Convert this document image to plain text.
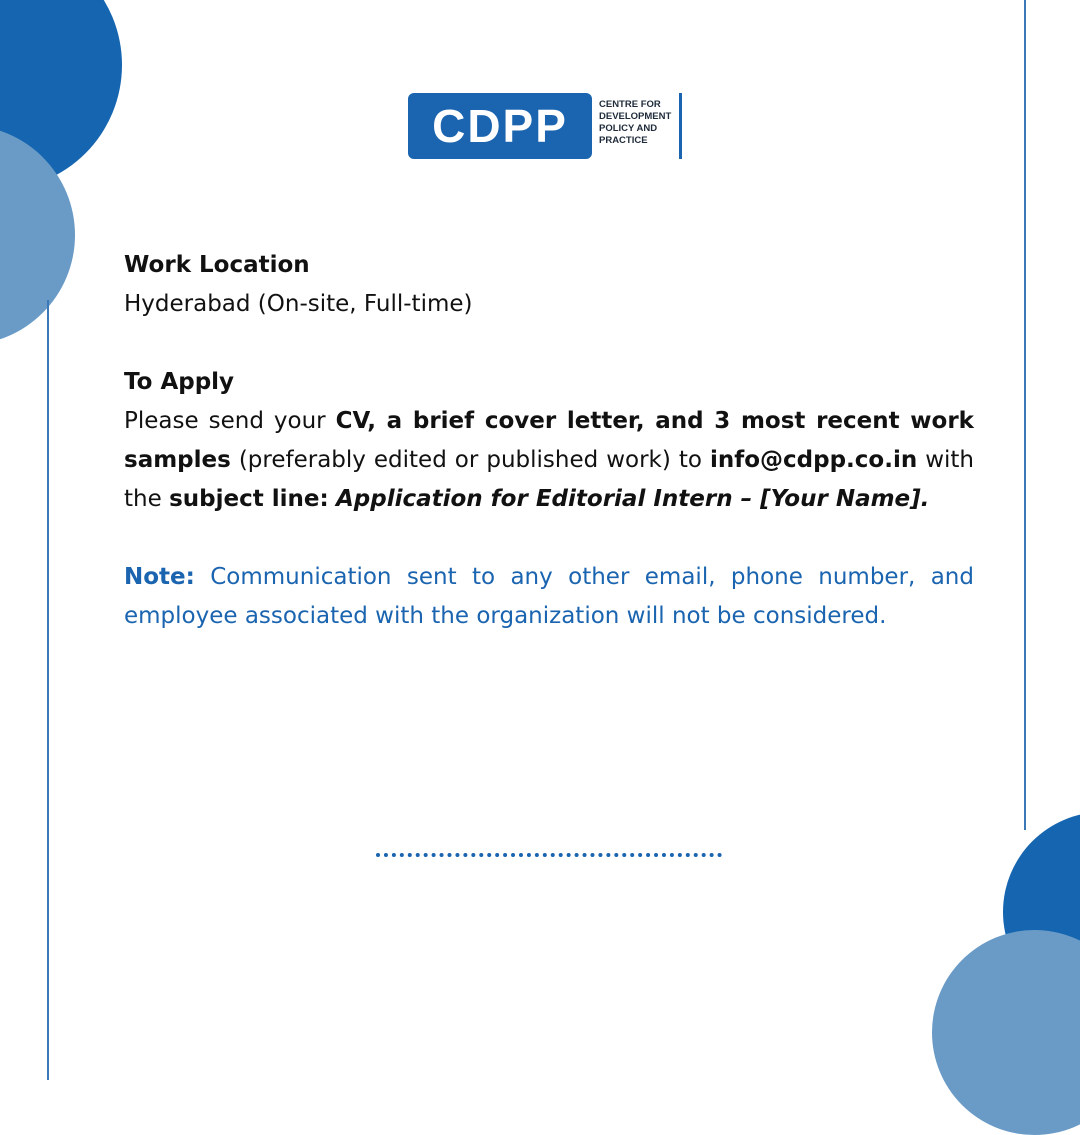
CDPP	CENTRE FOR
DEVELOPMENT
POLICY AND
PRACTICE
Work Location
Hyderabad (On-site, Full-time)
To Apply
Please send your CV, a brief cover letter, and 3 most recent work samples (preferably edited or published work) to info@cdpp.co.in with the subject line: Application for Editorial Intern – [Your Name].
Note: Communication sent to any other email, phone number, and employee associated with the organization will not be considered.
